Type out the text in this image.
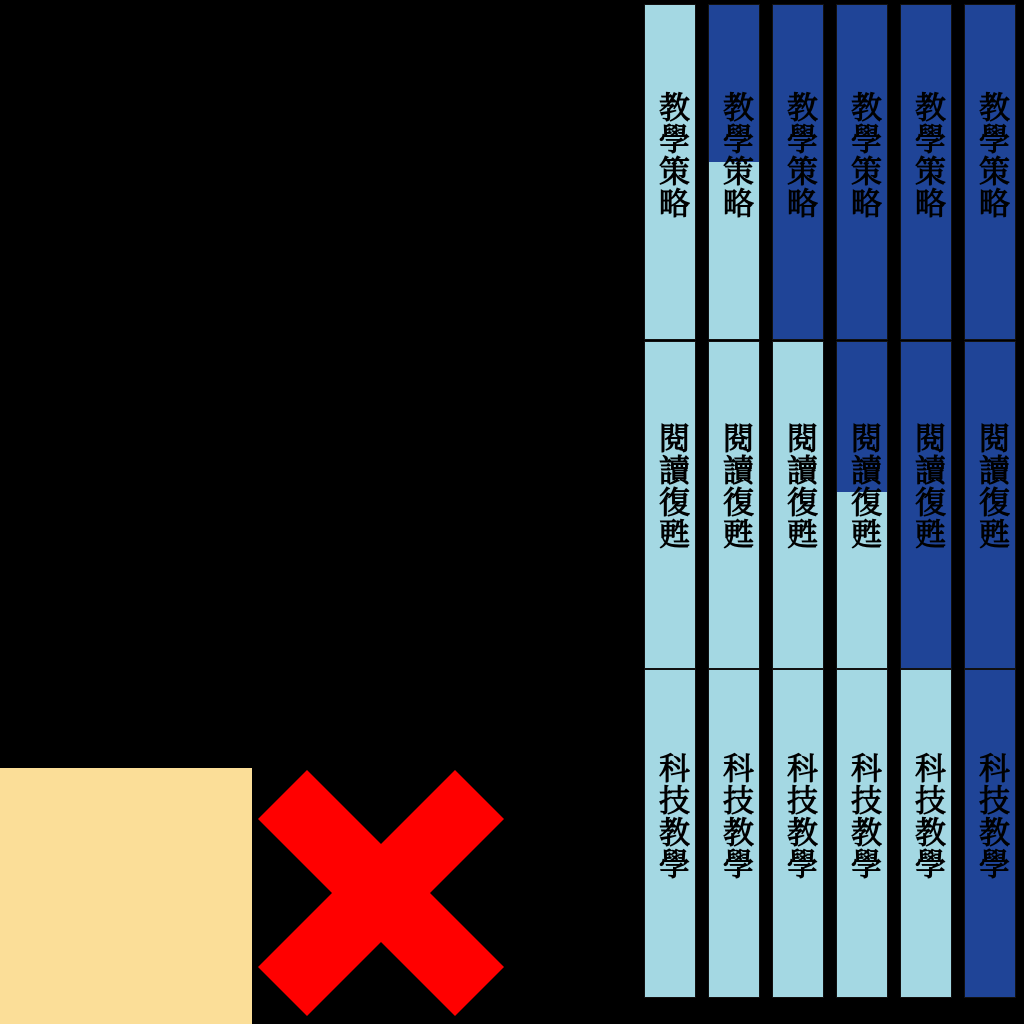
教學策略
閱讀復甦
科技教學
教學策略
閱讀復甦
科技教學
教學策略
閱讀復甦
科技教學
教學策略
閱讀復甦
科技教學
教學策略
閱讀復甦
科技教學
教學策略
閱讀復甦
科技教學
